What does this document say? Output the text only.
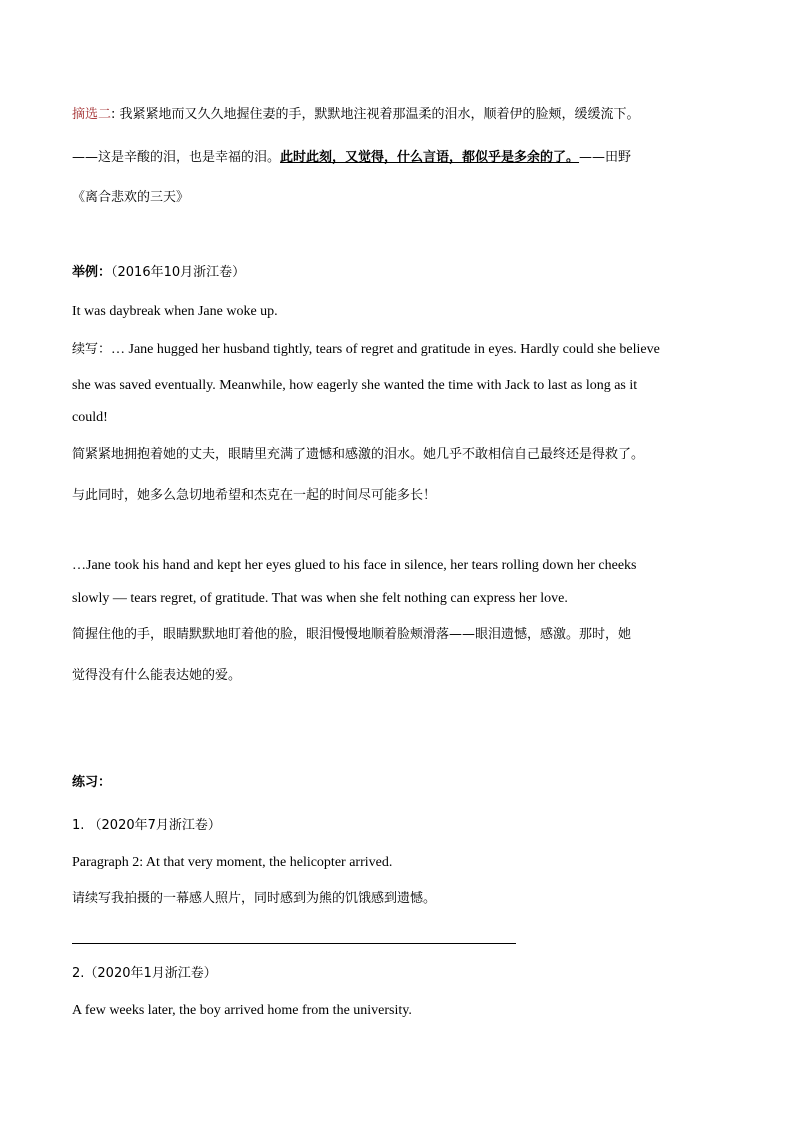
摘选二: 我紧紧地而又久久地握住妻的手，默默地注视着那温柔的泪水，顺着伊的脸颊，缓缓流下。
——这是辛酸的泪，也是幸福的泪。此时此刻，又觉得，什么言语，都似乎是多余的了。——田野
《离合悲欢的三天》
举例：（2016年10月浙江卷）
It was daybreak when Jane woke up.
续写：… Jane hugged her husband tightly, tears of regret and gratitude in eyes. Hardly could she believe
she was saved eventually. Meanwhile, how eagerly she wanted the time with Jack to last as long as it
could!
简紧紧地拥抱着她的丈夫，眼睛里充满了遗憾和感激的泪水。她几乎不敢相信自己最终还是得救了。
与此同时，她多么急切地希望和杰克在一起的时间尽可能多长！
…Jane took his hand and kept her eyes glued to his face in silence, her tears rolling down her cheeks
slowly — tears regret, of gratitude. That was when she felt nothing can express her love.
简握住他的手，眼睛默默地盯着他的脸，眼泪慢慢地顺着脸颊滑落——眼泪遗憾，感激。那时，她
觉得没有什么能表达她的爱。
练习：
1. （2020年7月浙江卷）
Paragraph 2: At that very moment, the helicopter arrived.
请续写我拍摄的一幕感人照片，同时感到为熊的饥饿感到遗憾。
2.（2020年1月浙江卷）
A few weeks later, the boy arrived home from the university.
